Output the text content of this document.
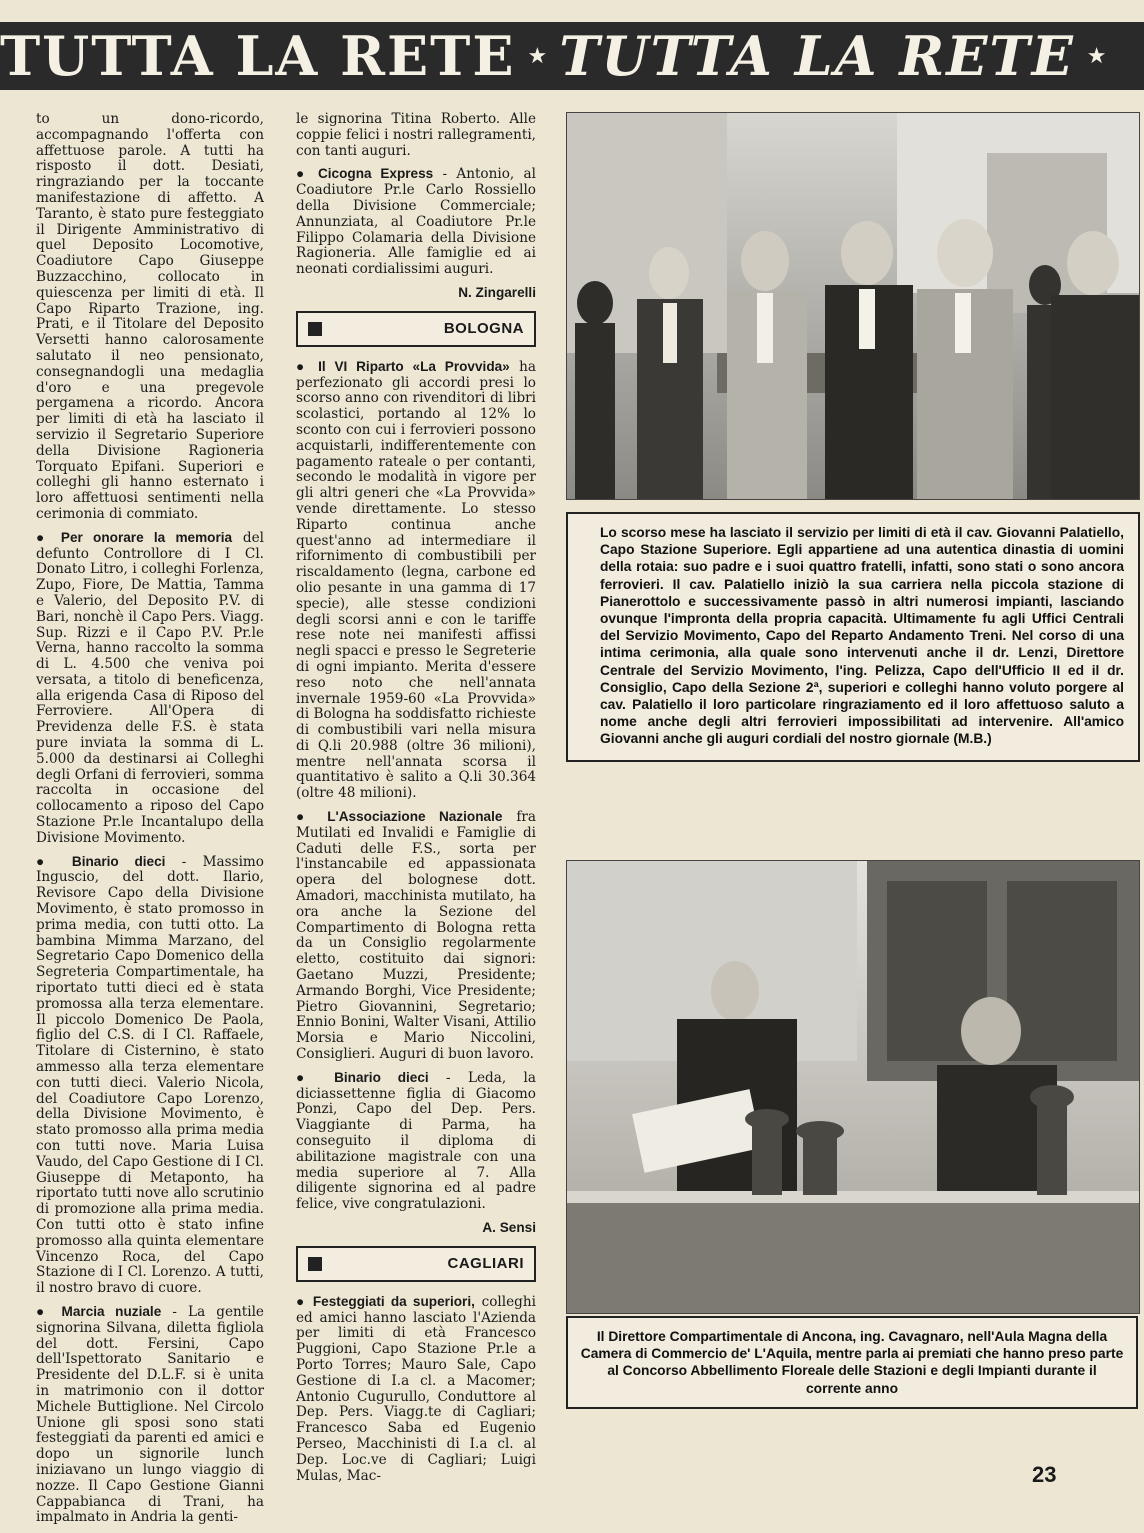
TUTTA LA RETE ★ TUTTA LA RETE ★

to un dono-ricordo, accompagnando l'offerta con affettuose parole. A tutti ha risposto il dott. Desiati, ringraziando per la toccante manifestazione di affetto. A Taranto, è stato pure festeggiato il Dirigente Amministrativo di quel Deposito Locomotive, Coadiutore Capo Giuseppe Buzzacchino, collocato in quiescenza per limiti di età. Il Capo Riparto Trazione, ing. Prati, e il Titolare del Deposito Versetti hanno calorosamente salutato il neo pensionato, consegnandogli una medaglia d'oro e una pregevole pergamena a ricordo. Ancora per limiti di età ha lasciato il servizio il Segretario Superiore della Divisione Ragioneria Torquato Epifani. Superiori e colleghi gli hanno esternato i loro affettuosi sentimenti nella cerimonia di commiato.

● Per onorare la memoria del defunto Controllore di I Cl. Donato Litro, i colleghi Forlenza, Zupo, Fiore, De Mattia, Tamma e Valerio, del Deposito P.V. di Bari, nonchè il Capo Pers. Viagg. Sup. Rizzi e il Capo P.V. Pr.le Verna, hanno raccolto la somma di L. 4.500 che veniva poi versata, a titolo di beneficenza, alla erigenda Casa di Riposo del Ferroviere. All'Opera di Previdenza delle F.S. è stata pure inviata la somma di L. 5.000 da destinarsi ai Colleghi degli Orfani di ferrovieri, somma raccolta in occasione del collocamento a riposo del Capo Stazione Pr.le Incantalupo della Divisione Movimento.

● Binario dieci - Massimo Inguscio, del dott. Ilario, Revisore Capo della Divisione Movimento, è stato promosso in prima media, con tutti otto. La bambina Mimma Marzano, del Segretario Capo Domenico della Segreteria Compartimentale, ha riportato tutti dieci ed è stata promossa alla terza elementare. Il piccolo Domenico De Paola, figlio del C.S. di I Cl. Raffaele, Titolare di Cisternino, è stato ammesso alla terza elementare con tutti dieci. Valerio Nicola, del Coadiutore Capo Lorenzo, della Divisione Movimento, è stato promosso alla prima media con tutti nove. Maria Luisa Vaudo, del Capo Gestione di I Cl. Giuseppe di Metaponto, ha riportato tutti nove allo scrutinio di promozione alla prima media. Con tutti otto è stato infine promosso alla quinta elementare Vincenzo Roca, del Capo Stazione di I Cl. Lorenzo. A tutti, il nostro bravo di cuore.

● Marcia nuziale - La gentile signorina Silvana, diletta figliola del dott. Fersini, Capo dell'Ispettorato Sanitario e Presidente del D.L.F. si è unita in matrimonio con il dottor Michele Buttiglione. Nel Circolo Unione gli sposi sono stati festeggiati da parenti ed amici e dopo un signorile lunch iniziavano un lungo viaggio di nozze. Il Capo Gestione Gianni Cappabianca di Trani, ha impalmato in Andria la genti-

le signorina Titina Roberto. Alle coppie felici i nostri rallegramenti, con tanti auguri.

● Cicogna Express - Antonio, al Coadiutore Pr.le Carlo Rossiello della Divisione Commerciale; Annunziata, al Coadiutore Pr.le Filippo Colamaria della Divisione Ragioneria. Alle famiglie ed ai neonati cordialissimi auguri.

N. Zingarelli
BOLOGNA

● Il VI Riparto «La Provvida» ha perfezionato gli accordi presi lo scorso anno con rivenditori di libri scolastici, portando al 12% lo sconto con cui i ferrovieri possono acquistarli, indifferentemente con pagamento rateale o per contanti, secondo le modalità in vigore per gli altri generi che «La Provvida» vende direttamente. Lo stesso Riparto continua anche quest'anno ad intermediare il rifornimento di combustibili per riscaldamento (legna, carbone ed olio pesante in una gamma di 17 specie), alle stesse condizioni degli scorsi anni e con le tariffe rese note nei manifesti affissi negli spacci e presso le Segreterie di ogni impianto. Merita d'essere reso noto che nell'annata invernale 1959-60 «La Provvida» di Bologna ha soddisfatto richieste di combustibili vari nella misura di Q.li 20.988 (oltre 36 milioni), mentre nell'annata scorsa il quantitativo è salito a Q.li 30.364 (oltre 48 milioni).

● L'Associazione Nazionale fra Mutilati ed Invalidi e Famiglie di Caduti delle F.S., sorta per l'instancabile ed appassionata opera del bolognese dott. Amadori, macchinista mutilato, ha ora anche la Sezione del Compartimento di Bologna retta da un Consiglio regolarmente eletto, costituito dai signori: Gaetano Muzzi, Presidente; Armando Borghi, Vice Presidente; Pietro Giovannini, Segretario; Ennio Bonini, Walter Visani, Attilio Morsia e Mario Niccolini, Consiglieri. Auguri di buon lavoro.

● Binario dieci - Leda, la diciassettenne figlia di Giacomo Ponzi, Capo del Dep. Pers. Viaggiante di Parma, ha conseguito il diploma di abilitazione magistrale con una media superiore al 7. Alla diligente signorina ed al padre felice, vive congratulazioni.

A. Sensi
CAGLIARI

● Festeggiati da superiori, colleghi ed amici hanno lasciato l'Azienda per limiti di età Francesco Puggioni, Capo Stazione Pr.le a Porto Torres; Mauro Sale, Capo Gestione di I.a cl. a Macomer; Antonio Cugurullo, Conduttore al Dep. Pers. Viagg.te di Cagliari; Francesco Saba ed Eugenio Perseo, Macchinisti di I.a cl. al Dep. Loc.ve di Cagliari; Luigi Mulas, Mac-

Lo scorso mese ha lasciato il servizio per limiti di età il cav. Giovanni Palatiello, Capo Stazione Superiore. Egli appartiene ad una autentica dinastia di uomini della rotaia: suo padre e i suoi quattro fratelli, infatti, sono stati o sono ancora ferrovieri. Il cav. Palatiello iniziò la sua carriera nella piccola stazione di Pianerottolo e successivamente passò in altri numerosi impianti, lasciando ovunque l'impronta della propria capacità. Ultimamente fu agli Uffici Centrali del Servizio Movimento, Capo del Reparto Andamento Treni. Nel corso di una intima cerimonia, alla quale sono intervenuti anche il dr. Lenzi, Direttore Centrale del Servizio Movimento, l'ing. Pelizza, Capo dell'Ufficio II ed il dr. Consiglio, Capo della Sezione 2ª, superiori e colleghi hanno voluto porgere al cav. Palatiello il loro particolare ringraziamento ed il loro affettuoso saluto a nome anche degli altri ferrovieri impossibilitati ad intervenire. All'amico Giovanni anche gli auguri cordiali del nostro giornale (M.B.)
Il Direttore Compartimentale di Ancona, ing. Cavagnaro, nell'Aula Magna della Camera di Commercio de' L'Aquila, mentre parla ai premiati che hanno preso parte al Concorso Abbellimento Floreale delle Stazioni e degli Impianti durante il corrente anno
23
